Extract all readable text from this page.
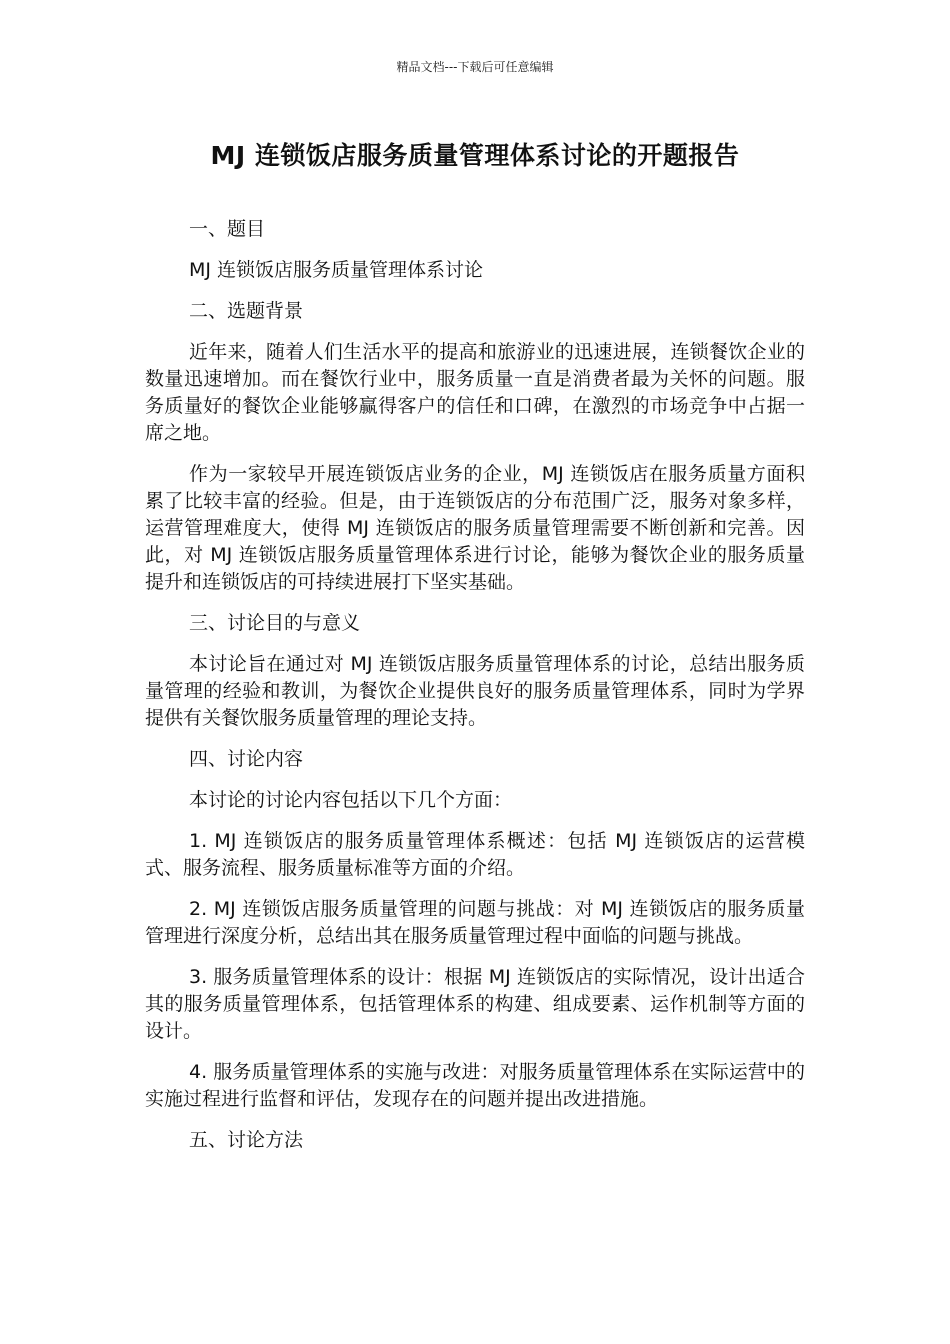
精品文档---下载后可任意编辑
MJ 连锁饭店服务质量管理体系讨论的开题报告

一、题目

MJ 连锁饭店服务质量管理体系讨论

二、选题背景

近年来，随着人们生活水平的提高和旅游业的迅速进展，连锁餐饮企业的数量迅速增加。而在餐饮行业中，服务质量一直是消费者最为关怀的问题。服务质量好的餐饮企业能够赢得客户的信任和口碑，在激烈的市场竞争中占据一席之地。

作为一家较早开展连锁饭店业务的企业，MJ 连锁饭店在服务质量方面积累了比较丰富的经验。但是，由于连锁饭店的分布范围广泛，服务对象多样，运营管理难度大，使得 MJ 连锁饭店的服务质量管理需要不断创新和完善。因此，对 MJ 连锁饭店服务质量管理体系进行讨论，能够为餐饮企业的服务质量提升和连锁饭店的可持续进展打下坚实基础。

三、讨论目的与意义

本讨论旨在通过对 MJ 连锁饭店服务质量管理体系的讨论，总结出服务质量管理的经验和教训，为餐饮企业提供良好的服务质量管理体系，同时为学界提供有关餐饮服务质量管理的理论支持。

四、讨论内容

本讨论的讨论内容包括以下几个方面：

1. MJ 连锁饭店的服务质量管理体系概述：包括 MJ 连锁饭店的运营模式、服务流程、服务质量标准等方面的介绍。

2. MJ 连锁饭店服务质量管理的问题与挑战：对 MJ 连锁饭店的服务质量管理进行深度分析，总结出其在服务质量管理过程中面临的问题与挑战。

3. 服务质量管理体系的设计：根据 MJ 连锁饭店的实际情况，设计出适合其的服务质量管理体系，包括管理体系的构建、组成要素、运作机制等方面的设计。

4. 服务质量管理体系的实施与改进：对服务质量管理体系在实际运营中的实施过程进行监督和评估，发现存在的问题并提出改进措施。

五、讨论方法
